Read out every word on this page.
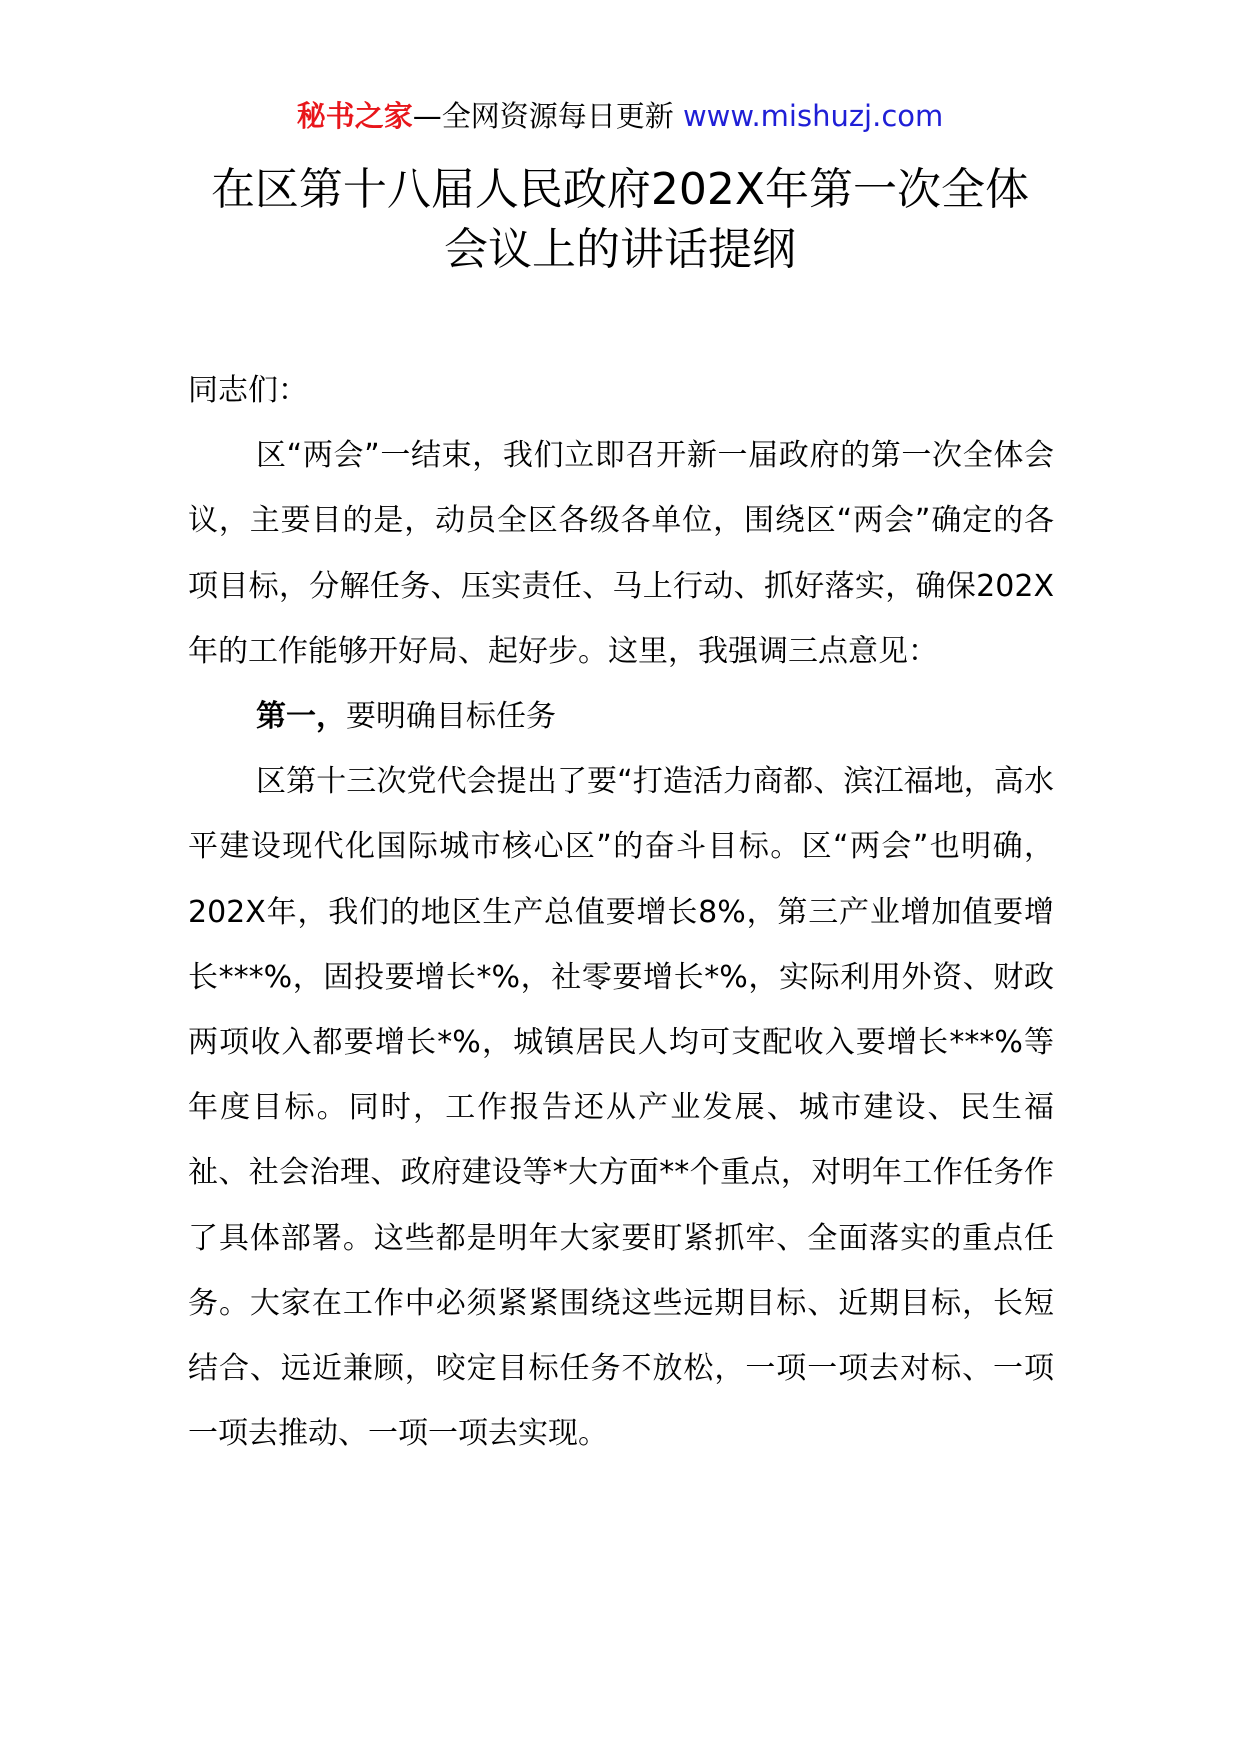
秘书之家—全网资源每日更新 www.mishuzj.com
在区第十八届人民政府202X年第一次全体
会议上的讲话提纲

同志们：

区“两会”一结束，我们立即召开新一届政府的第一次全体会议，主要目的是，动员全区各级各单位，围绕区“两会”确定的各项目标，分解任务、压实责任、马上行动、抓好落实，确保202X年的工作能够开好局、起好步。这里，我强调三点意见：

第一，要明确目标任务

区第十三次党代会提出了要“打造活力商都、滨江福地，高水平建设现代化国际城市核心区”的奋斗目标。区“两会”也明确，202X年，我们的地区生产总值要增长8%，第三产业增加值要增长***%，固投要增长*%，社零要增长*%，实际利用外资、财政两项收入都要增长*%，城镇居民人均可支配收入要增长***%等年度目标。同时，工作报告还从产业发展、城市建设、民生福祉、社会治理、政府建设等*大方面**个重点，对明年工作任务作了具体部署。这些都是明年大家要盯紧抓牢、全面落实的重点任务。大家在工作中必须紧紧围绕这些远期目标、近期目标，长短结合、远近兼顾，咬定目标任务不放松，一项一项去对标、一项一项去推动、一项一项去实现。
